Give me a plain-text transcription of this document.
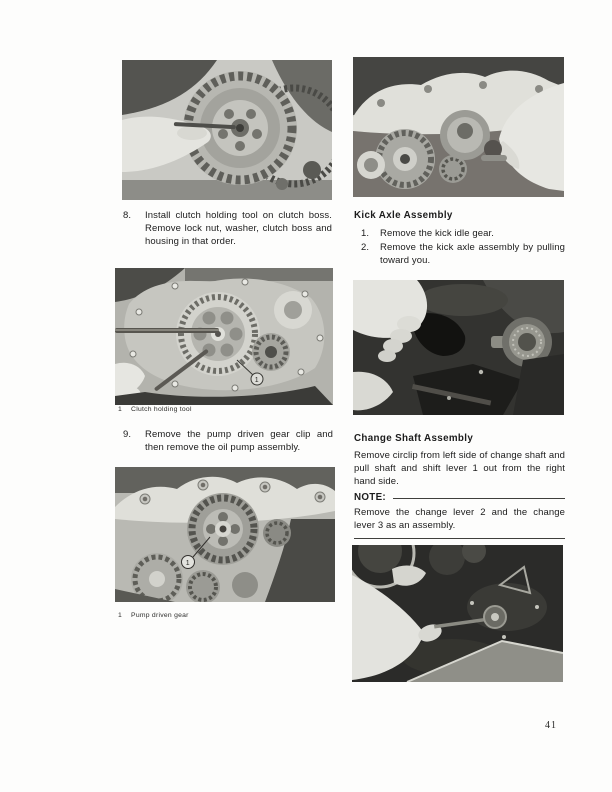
8.	Install clutch holding tool on clutch boss. Remove lock nut, washer, clutch boss and housing in that order.
1
1 Clutch holding tool
9.	Remove the pump driven gear clip and then remove the oil pump assembly.
1
1 Pump driven gear
Kick Axle Assembly
1.	Remove the kick idle gear.
2.	Remove the kick axle assembly by pulling toward you.
Change Shaft Assembly
Remove circlip from left side of change shaft and pull shaft and shift lever 1 out from the right hand side.
NOTE:
Remove the change lever 2 and the change lever 3 as an assembly.
41
